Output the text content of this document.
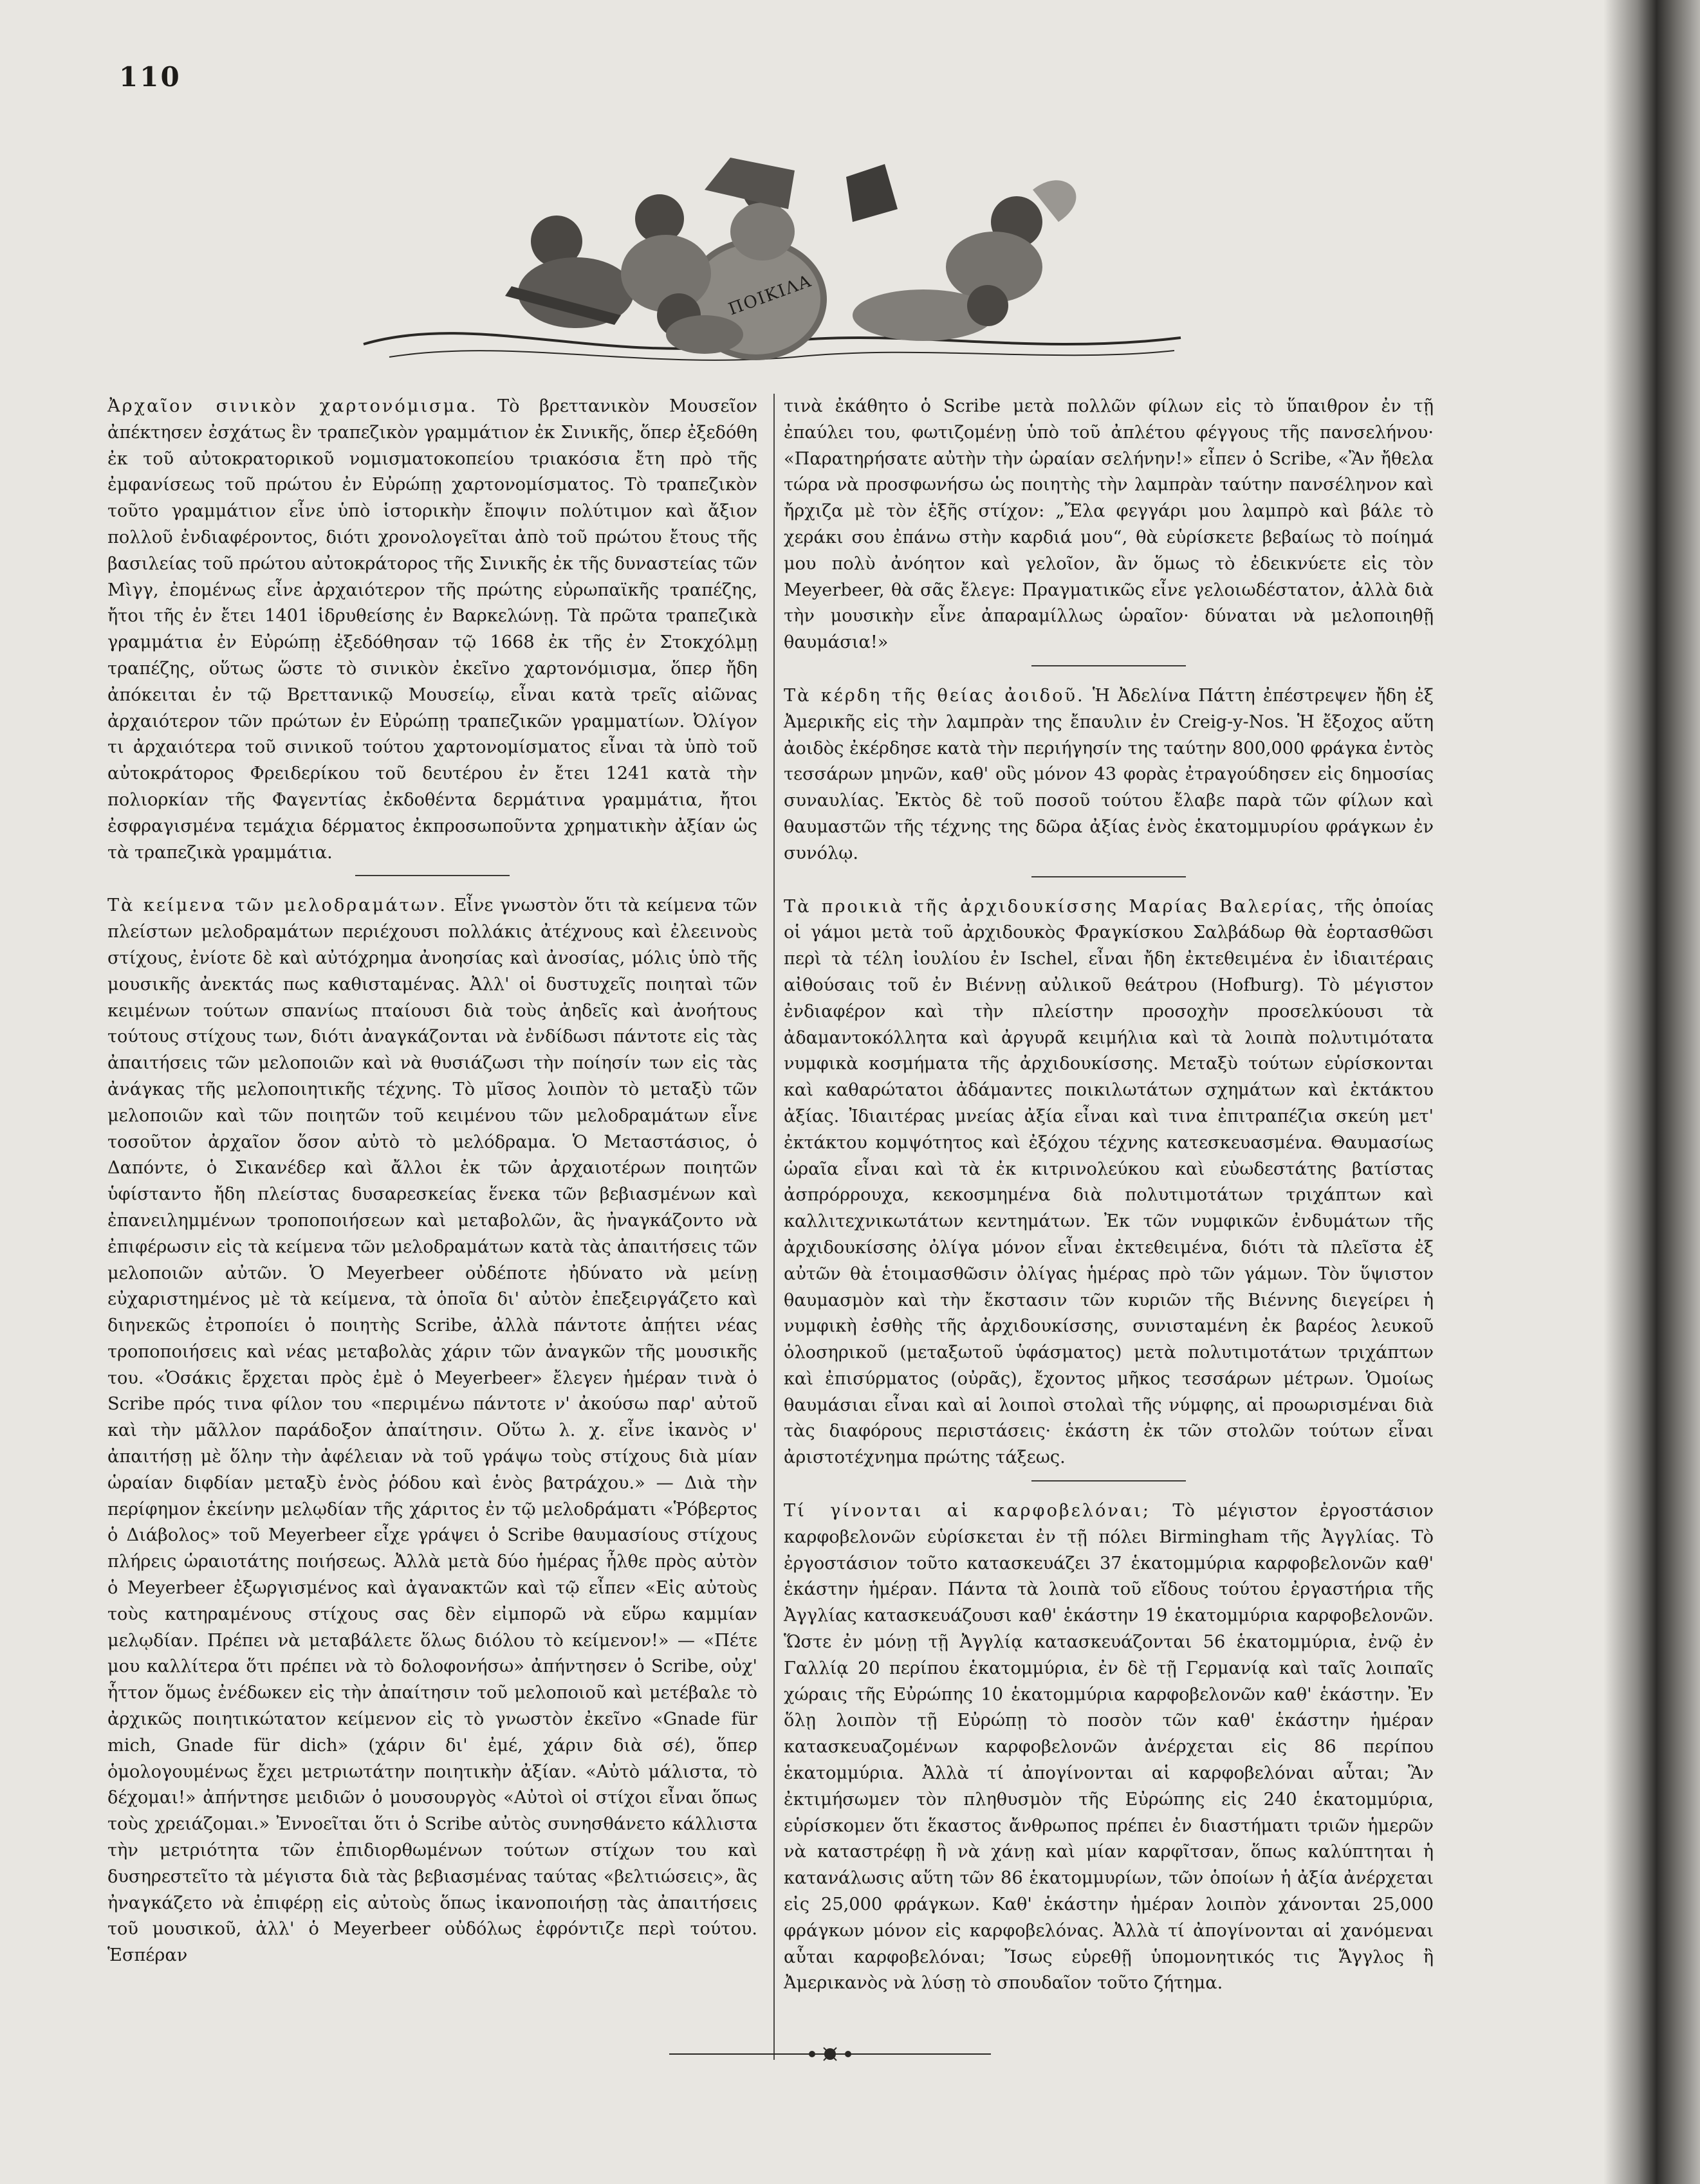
110
ΠΟΙΚΙΛΑ

Ἀρχαῖον σινικὸν χαρτονόμισμα. Τὸ βρεττανικὸν Μουσεῖον ἀπέκτησεν ἐσχάτως ἓν τραπεζικὸν γραμμάτιον ἐκ Σινικῆς, ὅπερ ἐξεδόθη ἐκ τοῦ αὐτοκρατορικοῦ νομισματοκοπείου τριακόσια ἔτη πρὸ τῆς ἐμφανίσεως τοῦ πρώτου ἐν Εὐρώπῃ χαρτονομίσματος. Τὸ τραπεζικὸν τοῦτο γραμμάτιον εἶνε ὑπὸ ἱστορικὴν ἔποψιν πολύτιμον καὶ ἄξιον πολλοῦ ἐνδιαφέροντος, διότι χρονολογεῖται ἀπὸ τοῦ πρώτου ἔτους τῆς βασιλείας τοῦ πρώτου αὐτοκράτορος τῆς Σινικῆς ἐκ τῆς δυναστείας τῶν Μὶγγ, ἐπομένως εἶνε ἀρχαιότερον τῆς πρώτης εὐρωπαϊκῆς τραπέζης, ἤτοι τῆς ἐν ἔτει 1401 ἱδρυθείσης ἐν Βαρκελώνῃ. Τὰ πρῶτα τραπεζικὰ γραμμάτια ἐν Εὐρώπῃ ἐξεδόθησαν τῷ 1668 ἐκ τῆς ἐν Στοκχόλμῃ τραπέζης, οὕτως ὥστε τὸ σινικὸν ἐκεῖνο χαρτονόμισμα, ὅπερ ἤδη ἀπόκειται ἐν τῷ Βρεττανικῷ Μουσείῳ, εἶναι κατὰ τρεῖς αἰῶνας ἀρχαιότερον τῶν πρώτων ἐν Εὐρώπῃ τραπεζικῶν γραμματίων. Ὀλίγον τι ἀρχαιότερα τοῦ σινικοῦ τούτου χαρτονομίσματος εἶναι τὰ ὑπὸ τοῦ αὐτοκράτορος Φρειδερίκου τοῦ δευτέρου ἐν ἔτει 1241 κατὰ τὴν πολιορκίαν τῆς Φαγεντίας ἐκδοθέντα δερμάτινα γραμμάτια, ἤτοι ἐσφραγισμένα τεμάχια δέρματος ἐκπροσωποῦντα χρηματικὴν ἀξίαν ὡς τὰ τραπεζικὰ γραμμάτια.

Τὰ κείμενα τῶν μελοδραμάτων. Εἶνε γνωστὸν ὅτι τὰ κείμενα τῶν πλείστων μελοδραμάτων περιέχουσι πολλάκις ἀτέχνους καὶ ἐλεεινοὺς στίχους, ἐνίοτε δὲ καὶ αὐτόχρημα ἀνοησίας καὶ ἀνοσίας, μόλις ὑπὸ τῆς μουσικῆς ἀνεκτάς πως καθισταμένας. Ἀλλ' οἱ δυστυχεῖς ποιηταὶ τῶν κειμένων τούτων σπανίως πταίουσι διὰ τοὺς ἀηδεῖς καὶ ἀνοήτους τούτους στίχους των, διότι ἀναγκάζονται νὰ ἐνδίδωσι πάντοτε εἰς τὰς ἀπαιτήσεις τῶν μελοποιῶν καὶ νὰ θυσιάζωσι τὴν ποίησίν των εἰς τὰς ἀνάγκας τῆς μελοποιητικῆς τέχνης. Τὸ μῖσος λοιπὸν τὸ μεταξὺ τῶν μελοποιῶν καὶ τῶν ποιητῶν τοῦ κειμένου τῶν μελοδραμάτων εἶνε τοσοῦτον ἀρχαῖον ὅσον αὐτὸ τὸ μελόδραμα. Ὁ Μεταστάσιος, ὁ Δαπόντε, ὁ Σικανέδερ καὶ ἄλλοι ἐκ τῶν ἀρχαιοτέρων ποιητῶν ὑφίσταντο ἤδη πλείστας δυσαρεσκείας ἕνεκα τῶν βεβιασμένων καὶ ἐπανειλημμένων τροποποιήσεων καὶ μεταβολῶν, ἃς ἠναγκάζοντο νὰ ἐπιφέρωσιν εἰς τὰ κείμενα τῶν μελοδραμάτων κατὰ τὰς ἀπαιτήσεις τῶν μελοποιῶν αὐτῶν. Ὁ Meyerbeer οὐδέποτε ἠδύνατο νὰ μείνῃ εὐχαριστημένος μὲ τὰ κείμενα, τὰ ὁποῖα δι' αὐτὸν ἐπεξειργάζετο καὶ διηνεκῶς ἐτροποίει ὁ ποιητὴς Scribe, ἀλλὰ πάντοτε ἀπῄτει νέας τροποποιήσεις καὶ νέας μεταβολὰς χάριν τῶν ἀναγκῶν τῆς μουσικῆς του. «Ὁσάκις ἔρχεται πρὸς ἐμὲ ὁ Meyerbeer» ἔλεγεν ἡμέραν τινὰ ὁ Scribe πρός τινα φίλον του «περιμένω πάντοτε ν' ἀκούσω παρ' αὐτοῦ καὶ τὴν μᾶλλον παράδοξον ἀπαίτησιν. Οὕτω λ. χ. εἶνε ἱκανὸς ν' ἀπαιτήσῃ μὲ ὅλην τὴν ἀφέλειαν νὰ τοῦ γράψω τοὺς στίχους διὰ μίαν ὡραίαν διφδίαν μεταξὺ ἑνὸς ῥόδου καὶ ἑνὸς βατράχου.» — Διὰ τὴν περίφημον ἐκείνην μελῳδίαν τῆς χάριτος ἐν τῷ μελοδράματι «Ῥόβερτος ὁ Διάβολος» τοῦ Meyerbeer εἶχε γράψει ὁ Scribe θαυμασίους στίχους πλήρεις ὡραιοτάτης ποιήσεως. Ἀλλὰ μετὰ δύο ἡμέρας ἦλθε πρὸς αὐτὸν ὁ Meyerbeer ἐξωργισμένος καὶ ἀγανακτῶν καὶ τῷ εἶπεν «Εἰς αὐτοὺς τοὺς κατηραμένους στίχους σας δὲν εἰμπορῶ νὰ εὕρω καμμίαν μελῳδίαν. Πρέπει νὰ μεταβάλετε ὅλως διόλου τὸ κείμενον!» — «Πέτε μου καλλίτερα ὅτι πρέπει νὰ τὸ δολοφονήσω» ἀπήντησεν ὁ Scribe, οὐχ' ἧττον ὅμως ἐνέδωκεν εἰς τὴν ἀπαίτησιν τοῦ μελοποιοῦ καὶ μετέβαλε τὸ ἀρχικῶς ποιητικώτατον κείμενον εἰς τὸ γνωστὸν ἐκεῖνο «Gnade für mich, Gnade für dich» (χάριν δι' ἐμέ, χάριν διὰ σέ), ὅπερ ὁμολογουμένως ἔχει μετριωτάτην ποιητικὴν ἀξίαν. «Αὐτὸ μάλιστα, τὸ δέχομαι!» ἀπήντησε μειδιῶν ὁ μουσουργὸς «Αὐτοὶ οἱ στίχοι εἶναι ὅπως τοὺς χρειάζομαι.» Ἐννοεῖται ὅτι ὁ Scribe αὐτὸς συνησθάνετο κάλλιστα τὴν μετριότητα τῶν ἐπιδιορθωμένων τούτων στίχων του καὶ δυσηρεστεῖτο τὰ μέγιστα διὰ τὰς βεβιασμένας ταύτας «βελτιώσεις», ἃς ἠναγκάζετο νὰ ἐπιφέρῃ εἰς αὐτοὺς ὅπως ἱκανοποιήσῃ τὰς ἀπαιτήσεις τοῦ μουσικοῦ, ἀλλ' ὁ Meyerbeer οὐδόλως ἐφρόντιζε περὶ τούτου. Ἑσπέραν

τινὰ ἐκάθητο ὁ Scribe μετὰ πολλῶν φίλων εἰς τὸ ὕπαιθρον ἐν τῇ ἐπαύλει του, φωτιζομένῃ ὑπὸ τοῦ ἀπλέτου φέγγους τῆς πανσελήνου· «Παρατηρήσατε αὐτὴν τὴν ὡραίαν σελήνην!» εἶπεν ὁ Scribe, «Ἂν ἤθελα τώρα νὰ προσφωνήσω ὡς ποιητὴς τὴν λαμπρὰν ταύτην πανσέληνον καὶ ἤρχιζα μὲ τὸν ἑξῆς στίχον: „Ἔλα φεγγάρι μου λαμπρὸ καὶ βάλε τὸ χεράκι σου ἐπάνω στὴν καρδιά μου“, θὰ εὑρίσκετε βεβαίως τὸ ποίημά μου πολὺ ἀνόητον καὶ γελοῖον, ἂν ὅμως τὸ ἐδεικνύετε εἰς τὸν Meyerbeer, θὰ σᾶς ἔλεγε: Πραγματικῶς εἶνε γελοιωδέστατον, ἀλλὰ διὰ τὴν μουσικὴν εἶνε ἀπαραμίλλως ὡραῖον· δύναται νὰ μελοποιηθῇ θαυμάσια!»

Τὰ κέρδη τῆς θείας ἀοιδοῦ. Ἡ Ἀδελίνα Πάττη ἐπέστρεψεν ἤδη ἐξ Ἀμερικῆς εἰς τὴν λαμπρὰν της ἔπαυλιν ἐν Creig-y-Nos. Ἡ ἔξοχος αὕτη ἀοιδὸς ἐκέρδησε κατὰ τὴν περιήγησίν της ταύτην 800,000 φράγκα ἐντὸς τεσσάρων μηνῶν, καθ' οὓς μόνον 43 φορὰς ἐτραγούδησεν εἰς δημοσίας συναυλίας. Ἐκτὸς δὲ τοῦ ποσοῦ τούτου ἔλαβε παρὰ τῶν φίλων καὶ θαυμαστῶν τῆς τέχνης της δῶρα ἀξίας ἑνὸς ἑκατομμυρίου φράγκων ἐν συνόλῳ.

Τὰ προικιὰ τῆς ἀρχιδουκίσσης Μαρίας Βαλερίας, τῆς ὁποίας οἱ γάμοι μετὰ τοῦ ἀρχιδουκὸς Φραγκίσκου Σαλβάδωρ θὰ ἑορτασθῶσι περὶ τὰ τέλη ἰουλίου ἐν Ischel, εἶναι ἤδη ἐκτεθειμένα ἐν ἰδιαιτέραις αἰθούσαις τοῦ ἐν Βιέννῃ αὐλικοῦ θεάτρου (Hofburg). Τὸ μέγιστον ἐνδιαφέρον καὶ τὴν πλείστην προσοχὴν προσελκύουσι τὰ ἀδαμαντοκόλλητα καὶ ἀργυρᾶ κειμήλια καὶ τὰ λοιπὰ πολυτιμότατα νυμφικὰ κοσμήματα τῆς ἀρχιδουκίσσης. Μεταξὺ τούτων εὑρίσκονται καὶ καθαρώτατοι ἀδάμαντες ποικιλωτάτων σχημάτων καὶ ἐκτάκτου ἀξίας. Ἰδιαιτέρας μνείας ἀξία εἶναι καὶ τινα ἐπιτραπέζια σκεύη μετ' ἐκτάκτου κομψότητος καὶ ἐξόχου τέχνης κατεσκευασμένα. Θαυμασίως ὡραῖα εἶναι καὶ τὰ ἐκ κιτρινολεύκου καὶ εὐωδεστάτης βατίστας ἀσπρόρρουχα, κεκοσμημένα διὰ πολυτιμοτάτων τριχάπτων καὶ καλλιτεχνικωτάτων κεντημάτων. Ἐκ τῶν νυμφικῶν ἐνδυμάτων τῆς ἀρχιδουκίσσης ὀλίγα μόνον εἶναι ἐκτεθειμένα, διότι τὰ πλεῖστα ἐξ αὐτῶν θὰ ἑτοιμασθῶσιν ὀλίγας ἡμέρας πρὸ τῶν γάμων. Τὸν ὕψιστον θαυμασμὸν καὶ τὴν ἔκστασιν τῶν κυριῶν τῆς Βιέννης διεγείρει ἡ νυμφικὴ ἐσθὴς τῆς ἀρχιδουκίσσης, συνισταμένη ἐκ βαρέος λευκοῦ ὁλοσηρικοῦ (μεταξωτοῦ ὑφάσματος) μετὰ πολυτιμοτάτων τριχάπτων καὶ ἐπισύρματος (οὐρᾶς), ἔχοντος μῆκος τεσσάρων μέτρων. Ὁμοίως θαυμάσιαι εἶναι καὶ αἱ λοιποὶ στολαὶ τῆς νύμφης, αἱ προωρισμέναι διὰ τὰς διαφόρους περιστάσεις· ἑκάστη ἐκ τῶν στολῶν τούτων εἶναι ἀριστοτέχνημα πρώτης τάξεως.

Τί γίνονται αἱ καρφοβελόναι; Τὸ μέγιστον ἐργοστάσιον καρφοβελονῶν εὑρίσκεται ἐν τῇ πόλει Birmingham τῆς Ἀγγλίας. Τὸ ἐργοστάσιον τοῦτο κατασκευάζει 37 ἑκατομμύρια καρφοβελονῶν καθ' ἑκάστην ἡμέραν. Πάντα τὰ λοιπὰ τοῦ εἴδους τούτου ἐργαστήρια τῆς Ἀγγλίας κατασκευάζουσι καθ' ἑκάστην 19 ἑκατομμύρια καρφοβελονῶν. Ὥστε ἐν μόνῃ τῇ Ἀγγλίᾳ κατασκευάζονται 56 ἑκατομμύρια, ἐνῷ ἐν Γαλλίᾳ 20 περίπου ἑκατομμύρια, ἐν δὲ τῇ Γερμανίᾳ καὶ ταῖς λοιπαῖς χώραις τῆς Εὐρώπης 10 ἑκατομμύρια καρφοβελονῶν καθ' ἑκάστην. Ἐν ὅλῃ λοιπὸν τῇ Εὐρώπῃ τὸ ποσὸν τῶν καθ' ἑκάστην ἡμέραν κατασκευαζομένων καρφοβελονῶν ἀνέρχεται εἰς 86 περίπου ἑκατομμύρια. Ἀλλὰ τί ἀπογίνονται αἱ καρφοβελόναι αὗται; Ἂν ἐκτιμήσωμεν τὸν πληθυσμὸν τῆς Εὐρώπης εἰς 240 ἑκατομμύρια, εὑρίσκομεν ὅτι ἕκαστος ἄνθρωπος πρέπει ἐν διαστήματι τριῶν ἡμερῶν νὰ καταστρέφῃ ἢ νὰ χάνῃ καὶ μίαν καρφῖτσαν, ὅπως καλύπτηται ἡ κατανάλωσις αὕτη τῶν 86 ἑκατομμυρίων, τῶν ὁποίων ἡ ἀξία ἀνέρχεται εἰς 25,000 φράγκων. Καθ' ἑκάστην ἡμέραν λοιπὸν χάνονται 25,000 φράγκων μόνον εἰς καρφοβελόνας. Ἀλλὰ τί ἀπογίνονται αἱ χανόμεναι αὗται καρφοβελόναι; Ἴσως εὑρεθῇ ὑπομονητικός τις Ἄγγλος ἢ Ἀμερικανὸς νὰ λύσῃ τὸ σπουδαῖον τοῦτο ζήτημα.
